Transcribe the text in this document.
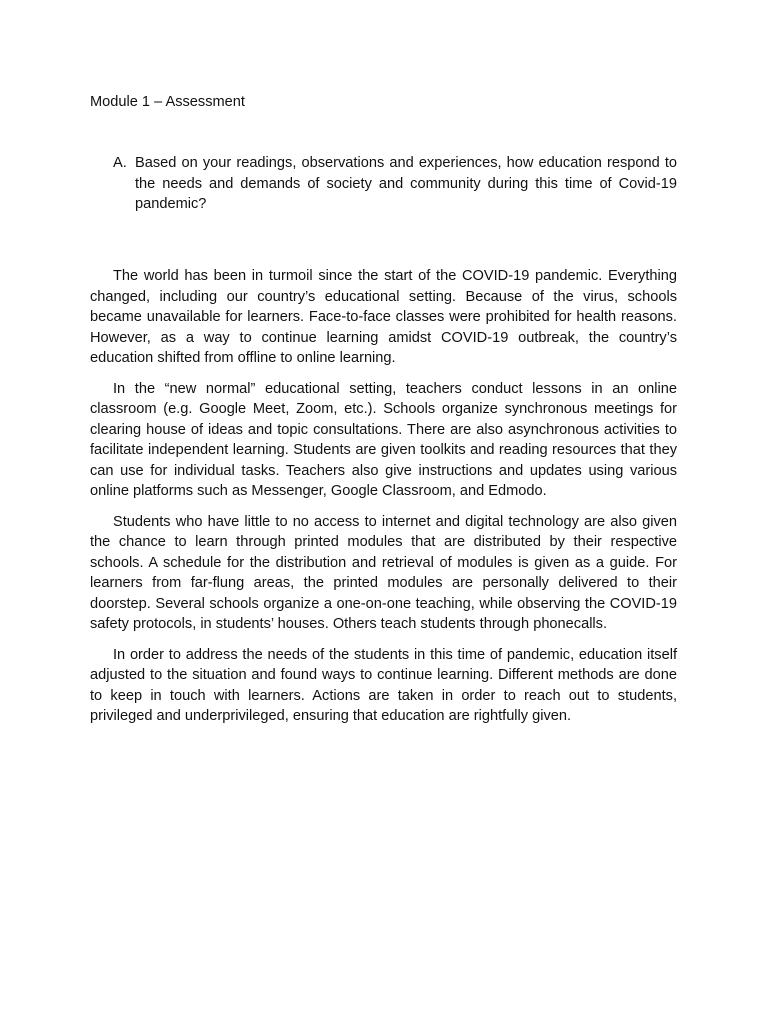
Module 1 – Assessment
A. Based on your readings, observations and experiences, how education respond to the needs and demands of society and community during this time of Covid-19 pandemic?

The world has been in turmoil since the start of the COVID-19 pandemic. Everything changed, including our country’s educational setting. Because of the virus, schools became unavailable for learners. Face-to-face classes were prohibited for health reasons. However, as a way to continue learning amidst COVID-19 outbreak, the country’s education shifted from offline to online learning.

In the “new normal” educational setting, teachers conduct lessons in an online classroom (e.g. Google Meet, Zoom, etc.). Schools organize synchronous meetings for clearing house of ideas and topic consultations. There are also asynchronous activities to facilitate independent learning. Students are given toolkits and reading resources that they can use for individual tasks. Teachers also give instructions and updates using various online platforms such as Messenger, Google Classroom, and Edmodo.

Students who have little to no access to internet and digital technology are also given the chance to learn through printed modules that are distributed by their respective schools. A schedule for the distribution and retrieval of modules is given as a guide. For learners from far-flung areas, the printed modules are personally delivered to their doorstep. Several schools organize a one-on-one teaching, while observing the COVID-19 safety protocols, in students’ houses. Others teach students through phonecalls.

In order to address the needs of the students in this time of pandemic, education itself adjusted to the situation and found ways to continue learning. Different methods are done to keep in touch with learners. Actions are taken in order to reach out to students, privileged and underprivileged, ensuring that education are rightfully given.
